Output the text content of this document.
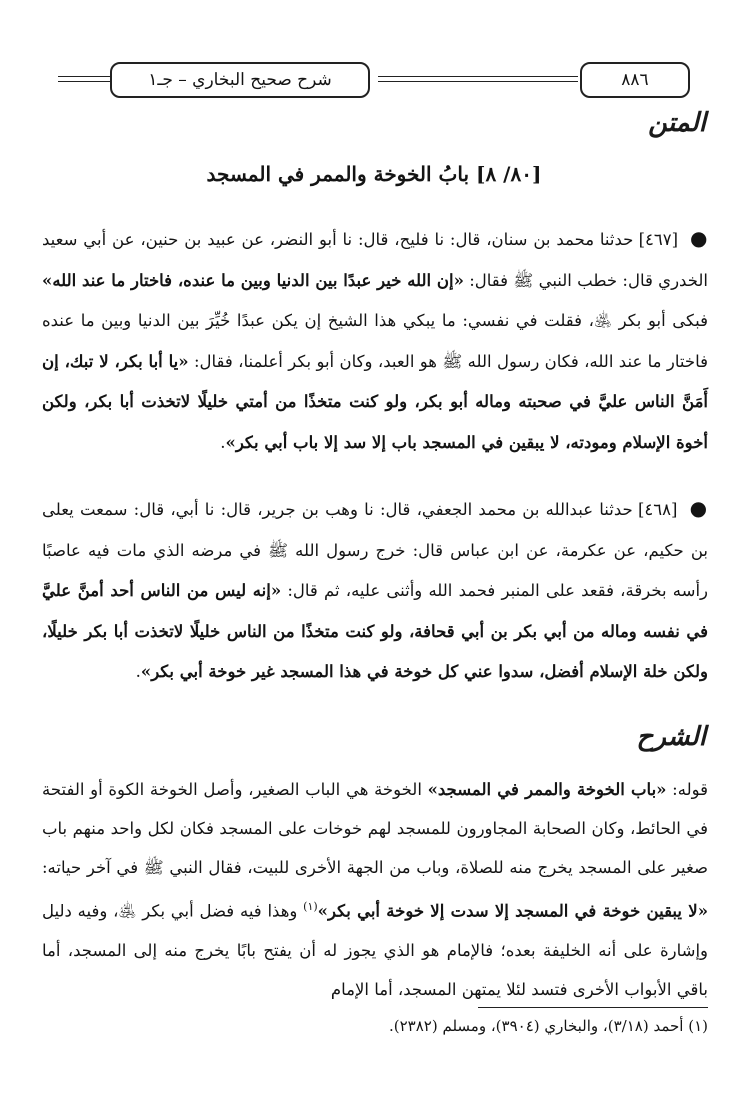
٨٨٦
شرح صحيح البخاري – جـ١
المتن
[٨٠/ ٨] بابُ الخوخة والممر في المسجد

● [٤٦٧] حدثنا محمد بن سنان، قال: نا فليح، قال: نا أبو النضر، عن عبيد بن حنين، عن أبي سعيد الخدري قال: خطب النبي ﷺ فقال: «إن الله خير عبدًا بين الدنيا وبين ما عنده، فاختار ما عند الله» فبكى أبو بكر ﵁، فقلت في نفسي: ما يبكي هذا الشيخ إن يكن عبدًا خُيِّرَ بين الدنيا وبين ما عنده فاختار ما عند الله، فكان رسول الله ﷺ هو العبد، وكان أبو بكر أعلمنا، فقال: «يا أبا بكر، لا تبك، إن أَمَنَّ الناس عليَّ في صحبته وماله أبو بكر، ولو كنت متخذًا من أمتي خليلًا لاتخذت أبا بكر، ولكن أخوة الإسلام ومودته، لا يبقين في المسجد باب إلا سد إلا باب أبي بكر».

● [٤٦٨] حدثنا عبدالله بن محمد الجعفي، قال: نا وهب بن جرير، قال: نا أبي، قال: سمعت يعلى بن حكيم، عن عكرمة، عن ابن عباس قال: خرج رسول الله ﷺ في مرضه الذي مات فيه عاصبًا رأسه بخرقة، فقعد على المنبر فحمد الله وأثنى عليه، ثم قال: «إنه ليس من الناس أحد أمنَّ عليَّ في نفسه وماله من أبي بكر بن أبي قحافة، ولو كنت متخذًا من الناس خليلًا لاتخذت أبا بكر خليلًا، ولكن خلة الإسلام أفضل، سدوا عني كل خوخة في هذا المسجد غير خوخة أبي بكر».

الشرح

قوله: «باب الخوخة والممر في المسجد» الخوخة هي الباب الصغير، وأصل الخوخة الكوة أو الفتحة في الحائط، وكان الصحابة المجاورون للمسجد لهم خوخات على المسجد فكان لكل واحد منهم باب صغير على المسجد يخرج منه للصلاة، وباب من الجهة الأخرى للبيت، فقال النبي ﷺ في آخر حياته: «لا يبقين خوخة في المسجد إلا سدت إلا خوخة أبي بكر»$^{(١)}$ وهذا فيه فضل أبي بكر ﵁، وفيه دليل وإشارة على أنه الخليفة بعده؛ فالإمام هو الذي يجوز له أن يفتح بابًا يخرج منه إلى المسجد، أما باقي الأبواب الأخرى فتسد لئلا يمتهن المسجد، أما الإمام

(١) أحمد (٣/١٨)، والبخاري (٣٩٠٤)، ومسلم (٢٣٨٢).
